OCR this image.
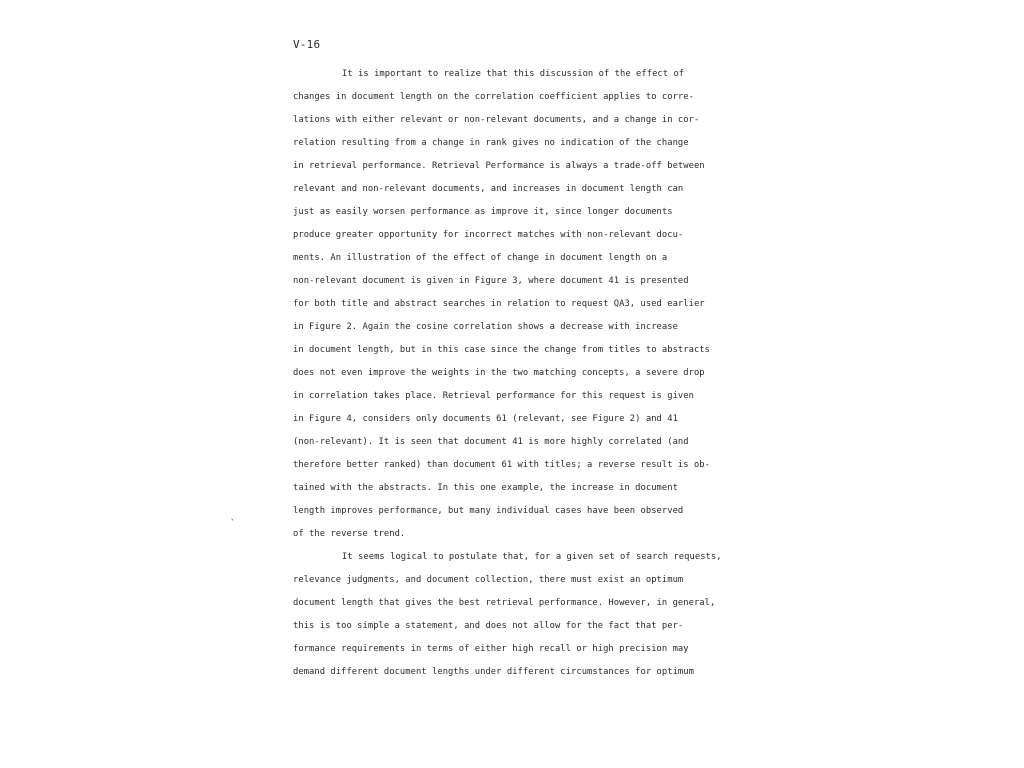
V-16
`
It is important to realize that this discussion of the effect of
changes in document length on the correlation coefficient applies to corre-
lations with either relevant or non-relevant documents, and a change in cor-
relation resulting from a change in rank gives no indication of the change
in retrieval performance. Retrieval Performance is always a trade-off between
relevant and non-relevant documents, and increases in document length can
just as easily worsen performance as improve it, since longer documents
produce greater opportunity for incorrect matches with non-relevant docu-
ments. An illustration of the effect of change in document length on a
non-relevant document is given in Figure 3, where document 41 is presented
for both title and abstract searches in relation to request QA3, used earlier
in Figure 2. Again the cosine correlation shows a decrease with increase
in document length, but in this case since the change from titles to abstracts
does not even improve the weights in the two matching concepts, a severe drop
in correlation takes place. Retrieval performance for this request is given
in Figure 4, considers only documents 61 (relevant, see Figure 2) and 41
(non-relevant). It is seen that document 41 is more highly correlated (and
therefore better ranked) than document 61 with titles; a reverse result is ob-
tained with the abstracts. In this one example, the increase in document
length improves performance, but many individual cases have been observed
of the reverse trend.
It seems logical to postulate that, for a given set of search requests,
relevance judgments, and document collection, there must exist an optimum
document length that gives the best retrieval performance. However, in general,
this is too simple a statement, and does not allow for the fact that per-
formance requirements in terms of either high recall or high precision may
demand different document lengths under different circumstances for optimum
